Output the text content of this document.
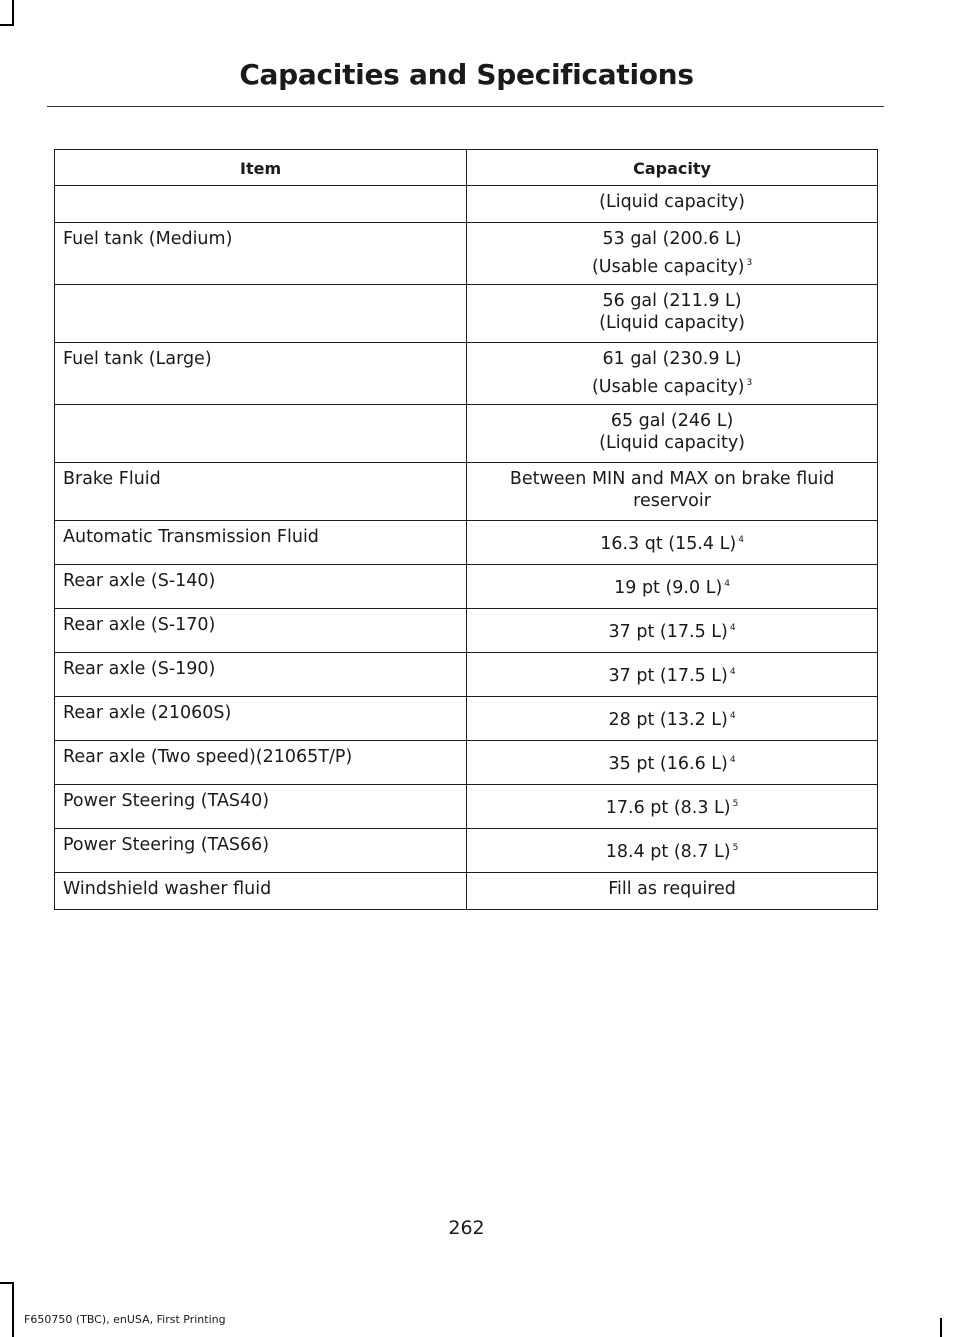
Capacities and Specifications
Item	Capacity

	(Liquid capacity)

Fuel tank (Medium)	53 gal (200.6 L)
(Usable capacity) $^3$

	56 gal (211.9 L)
(Liquid capacity)

Fuel tank (Large)	61 gal (230.9 L)
(Usable capacity) $^3$

	65 gal (246 L)
(Liquid capacity)

Brake Fluid	Between MIN and MAX on brake fluid
reservoir

Automatic Transmission Fluid	16.3 qt (15.4 L) $^4$

Rear axle (S-140)	19 pt (9.0 L) $^4$

Rear axle (S-170)	37 pt (17.5 L) $^4$

Rear axle (S-190)	37 pt (17.5 L) $^4$

Rear axle (21060S)	28 pt (13.2 L) $^4$

Rear axle (Two speed)(21065T/P)	35 pt (16.6 L) $^4$

Power Steering (TAS40)	17.6 pt (8.3 L) $^5$

Power Steering (TAS66)	18.4 pt (8.7 L) $^5$

Windshield washer fluid	Fill as required
262
F650750 (TBC), enUSA, First Printing
